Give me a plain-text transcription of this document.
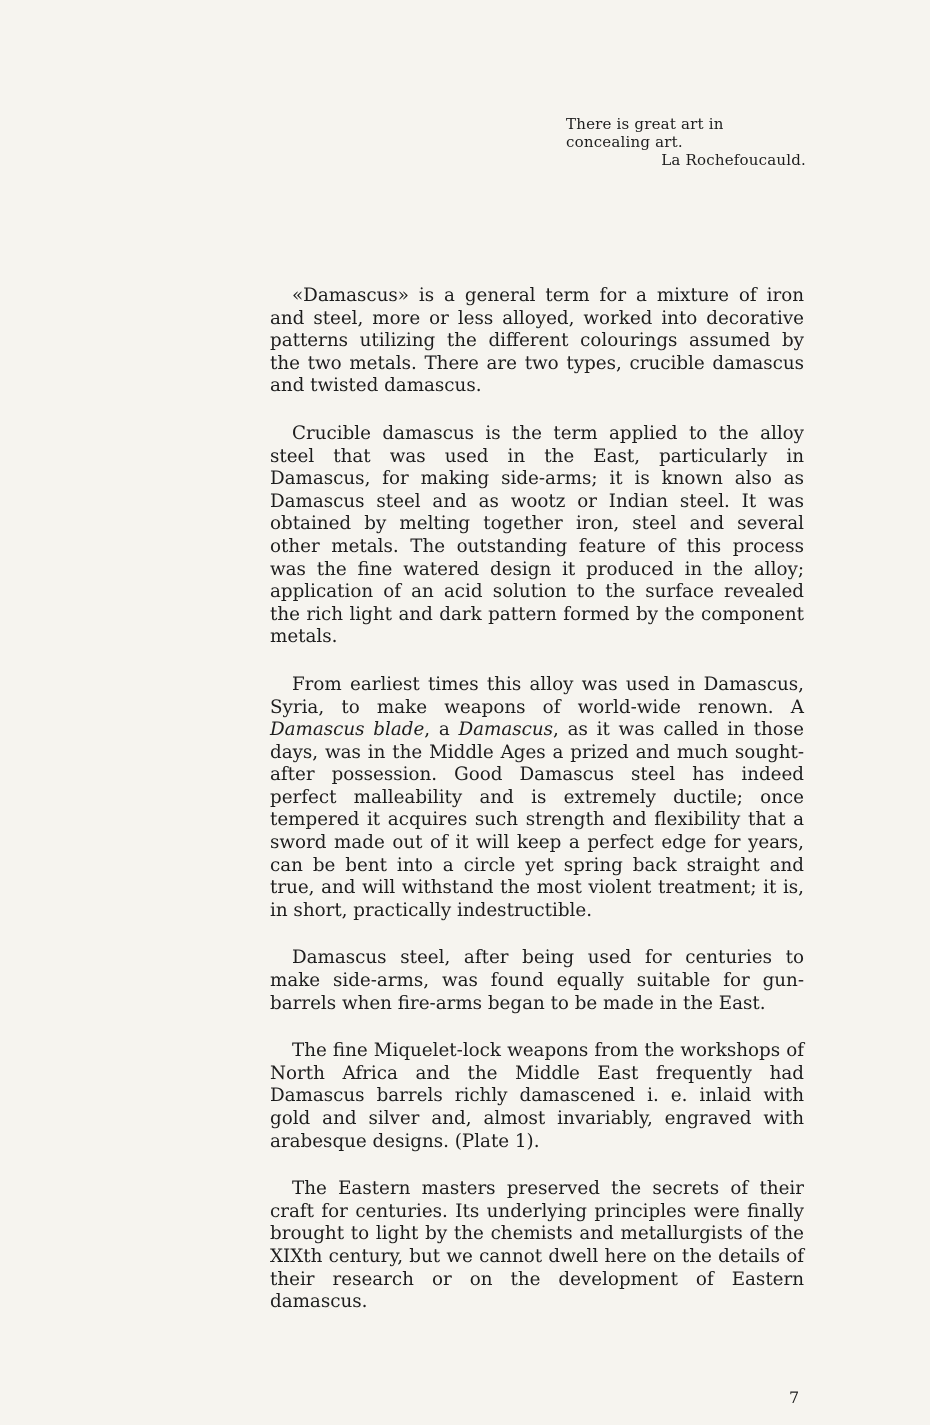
There is great art in
concealing art.
La Rochefoucauld.

«Damascus» is a general term for a mixture of iron and steel, more or less alloyed, worked into decorative patterns utilizing the different colourings assumed by the two metals. There are two types, crucible damascus and twisted damascus.

Crucible damascus is the term applied to the alloy steel that was used in the East, particularly in Damascus, for making side-arms; it is known also as Damascus steel and as wootz or Indian steel. It was obtained by melting together iron, steel and several other metals. The outstanding feature of this process was the fine watered design it produced in the alloy; application of an acid solution to the surface revealed the rich light and dark pattern formed by the component metals.

From earliest times this alloy was used in Damascus, Syria, to make weapons of world-wide renown. A Damascus blade, a Damascus, as it was called in those days, was in the Middle Ages a prized and much sought-after possession. Good Damascus steel has indeed perfect malleability and is extremely ductile; once tempered it acquires such strength and flexibility that a sword made out of it will keep a perfect edge for years, can be bent into a circle yet spring back straight and true, and will withstand the most violent treatment; it is, in short, practically indestructible.

Damascus steel, after being used for centuries to make side-arms, was found equally suitable for gun-barrels when fire-arms began to be made in the East.

The fine Miquelet-lock weapons from the workshops of North Africa and the Middle East frequently had Damascus barrels richly damascened i. e. inlaid with gold and silver and, almost invariably, engraved with arabesque designs. (Plate 1).

The Eastern masters preserved the secrets of their craft for centuries. Its underlying principles were finally brought to light by the chemists and metallurgists of the XIXth century, but we cannot dwell here on the details of their research or on the development of Eastern damascus.

7
